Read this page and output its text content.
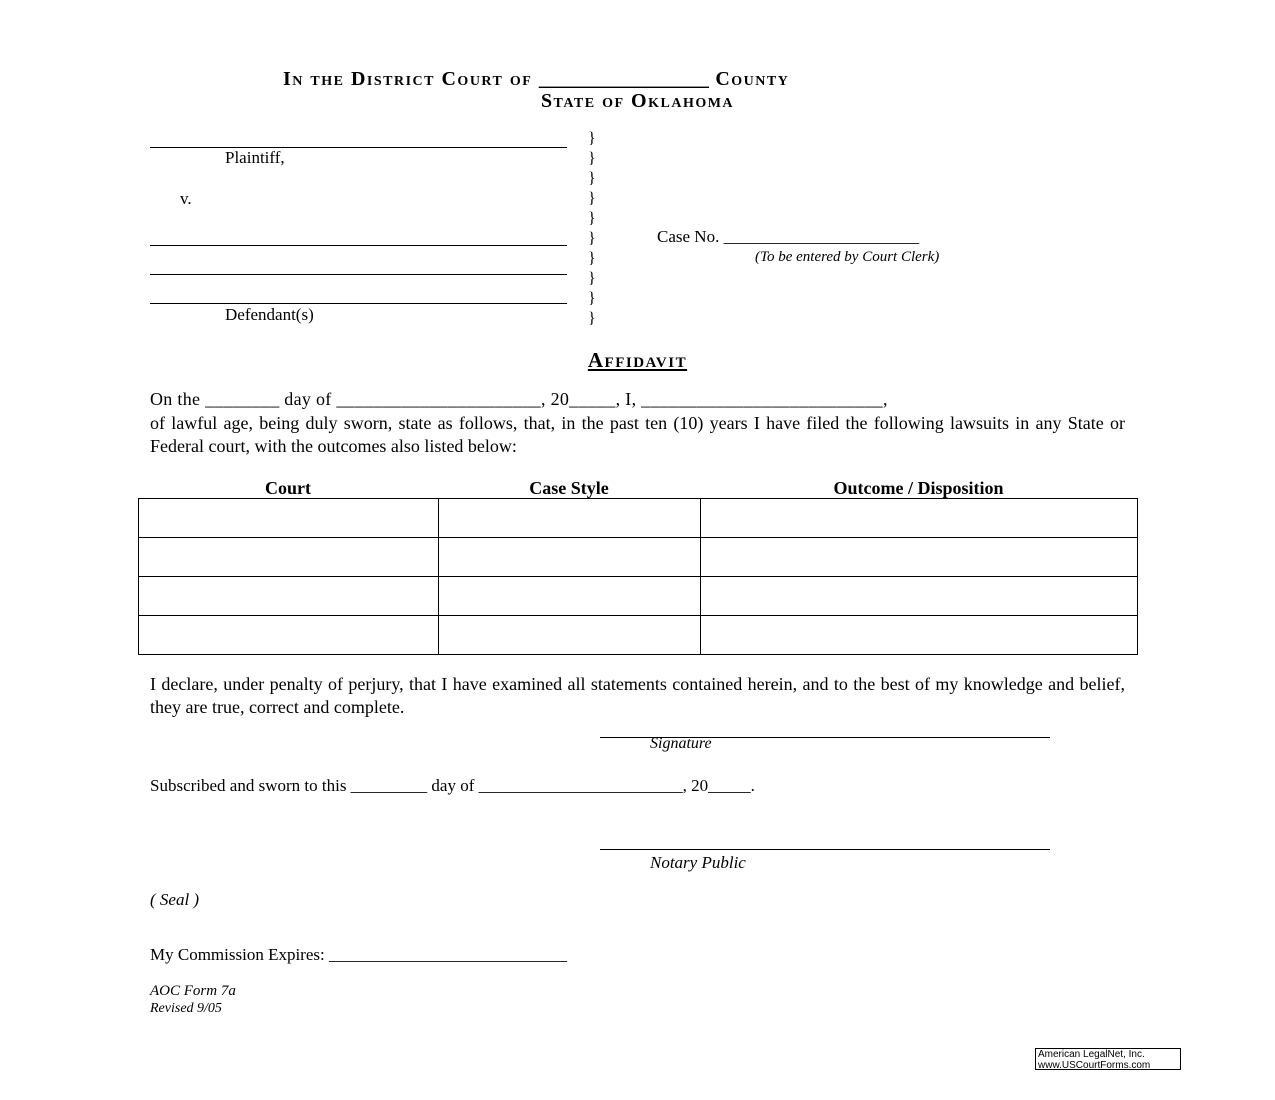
In the District Court of _________________ County
State of Oklahoma
Plaintiff,
v.
Defendant(s)
}
}
}
}
}
}
}
}
}
}
Case No. _______________________
(To be entered by Court Clerk)
Affidavit
On the ________ day of ______________________, 20_____, I, __________________________,
of lawful age, being duly sworn, state as follows, that, in the past ten (10) years I have filed the following lawsuits in any State or Federal court, with the outcomes also listed below:
Court	Case Style	Outcome / Disposition

I declare, under penalty of perjury, that I have examined all statements contained herein, and to the best of my knowledge and belief, they are true, correct and complete.
Signature
Subscribed and sworn to this _________ day of ________________________, 20_____.
Notary Public
( Seal )
My Commission Expires: ____________________________
AOC Form 7a
Revised 9/05
American LegalNet, Inc.
www.USCourtForms.com
